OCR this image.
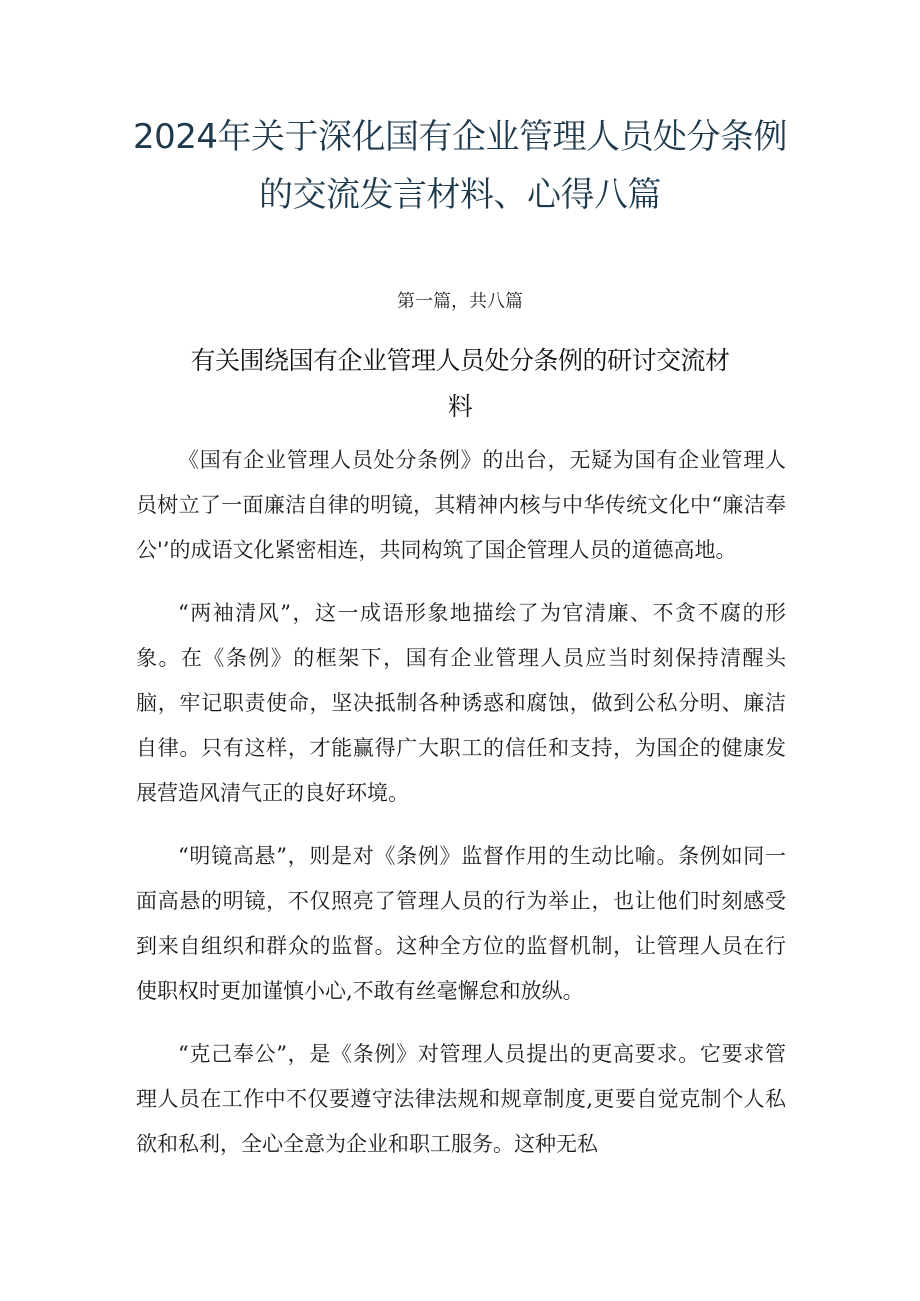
2024年关于深化国有企业管理人员处分条例的交流发言材料、心得八篇
第一篇，共八篇
有关围绕国有企业管理人员处分条例的研讨交流材料

《国有企业管理人员处分条例》的出台，无疑为国有企业管理人员树立了一面廉洁自律的明镜，其精神内核与中华传统文化中“廉洁奉公'’的成语文化紧密相连，共同构筑了国企管理人员的道德高地。

“两袖清风”，这一成语形象地描绘了为官清廉、不贪不腐的形象。在《条例》的框架下，国有企业管理人员应当时刻保持清醒头脑，牢记职责使命，坚决抵制各种诱惑和腐蚀，做到公私分明、廉洁自律。只有这样，才能赢得广大职工的信任和支持，为国企的健康发展营造风清气正的良好环境。

“明镜高悬”，则是对《条例》监督作用的生动比喻。条例如同一面高悬的明镜，不仅照亮了管理人员的行为举止，也让他们时刻感受到来自组织和群众的监督。这种全方位的监督机制，让管理人员在行使职权时更加谨慎小心,不敢有丝毫懈怠和放纵。

“克己奉公”，是《条例》对管理人员提出的更高要求。它要求管理人员在工作中不仅要遵守法律法规和规章制度,更要自觉克制个人私欲和私利，全心全意为企业和职工服务。这种无私
